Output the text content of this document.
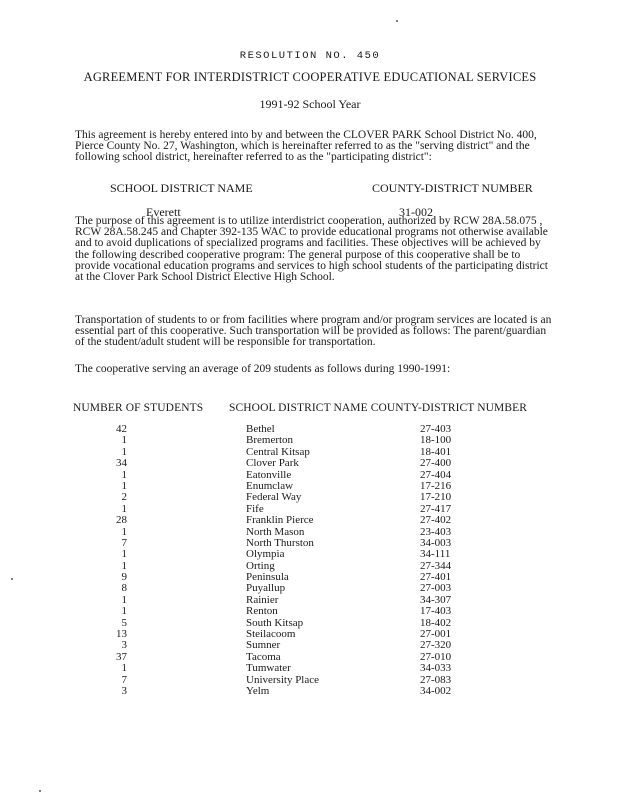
RESOLUTION NO. 450
AGREEMENT FOR INTERDISTRICT COOPERATIVE EDUCATIONAL SERVICES
1991-92 School Year
This agreement is hereby entered into by and between the CLOVER PARK School District No. 400, Pierce County No. 27, Washington, which is hereinafter referred to as the "serving district" and the following school district, hereinafter referred to as the "participating district":
SCHOOL DISTRICT NAME	COUNTY-DISTRICT NUMBER
Everett	31-002
The purpose of this agreement is to utilize interdistrict cooperation, authorized by RCW 28A.58.075 , RCW 28A.58.245 and Chapter 392-135 WAC to provide educational programs not otherwise available and to avoid duplications of specialized programs and facilities. These objectives will be achieved by the following described cooperative program: The general purpose of this cooperative shall be to provide vocational education programs and services to high school students of the participating district at the Clover Park School District Elective High School.
Transportation of students to or from facilities where program and/or program services are located is an essential part of this cooperative. Such transportation will be provided as follows: The parent/guardian of the student/adult student will be responsible for transportation.
The cooperative serving an average of 209 students as follows during 1990-1991:
NUMBER OF STUDENTS SCHOOL DISTRICT NAME COUNTY-DISTRICT NUMBER
42	Bethel	27-403
1	Bremerton	18-100
1	Central Kitsap	18-401
34	Clover Park	27-400
1	Eatonville	27-404
1	Enumclaw	17-216
2	Federal Way	17-210
1	Fife	27-417
28	Franklin Pierce	27-402
1	North Mason	23-403
7	North Thurston	34-003
1	Olympia	34-111
1	Orting	27-344
9	Peninsula	27-401
8	Puyallup	27-003
1	Rainier	34-307
1	Renton	17-403
5	South Kitsap	18-402
13	Steilacoom	27-001
3	Sumner	27-320
37	Tacoma	27-010
1	Tumwater	34-033
7	University Place	27-083
3	Yelm	34-002
